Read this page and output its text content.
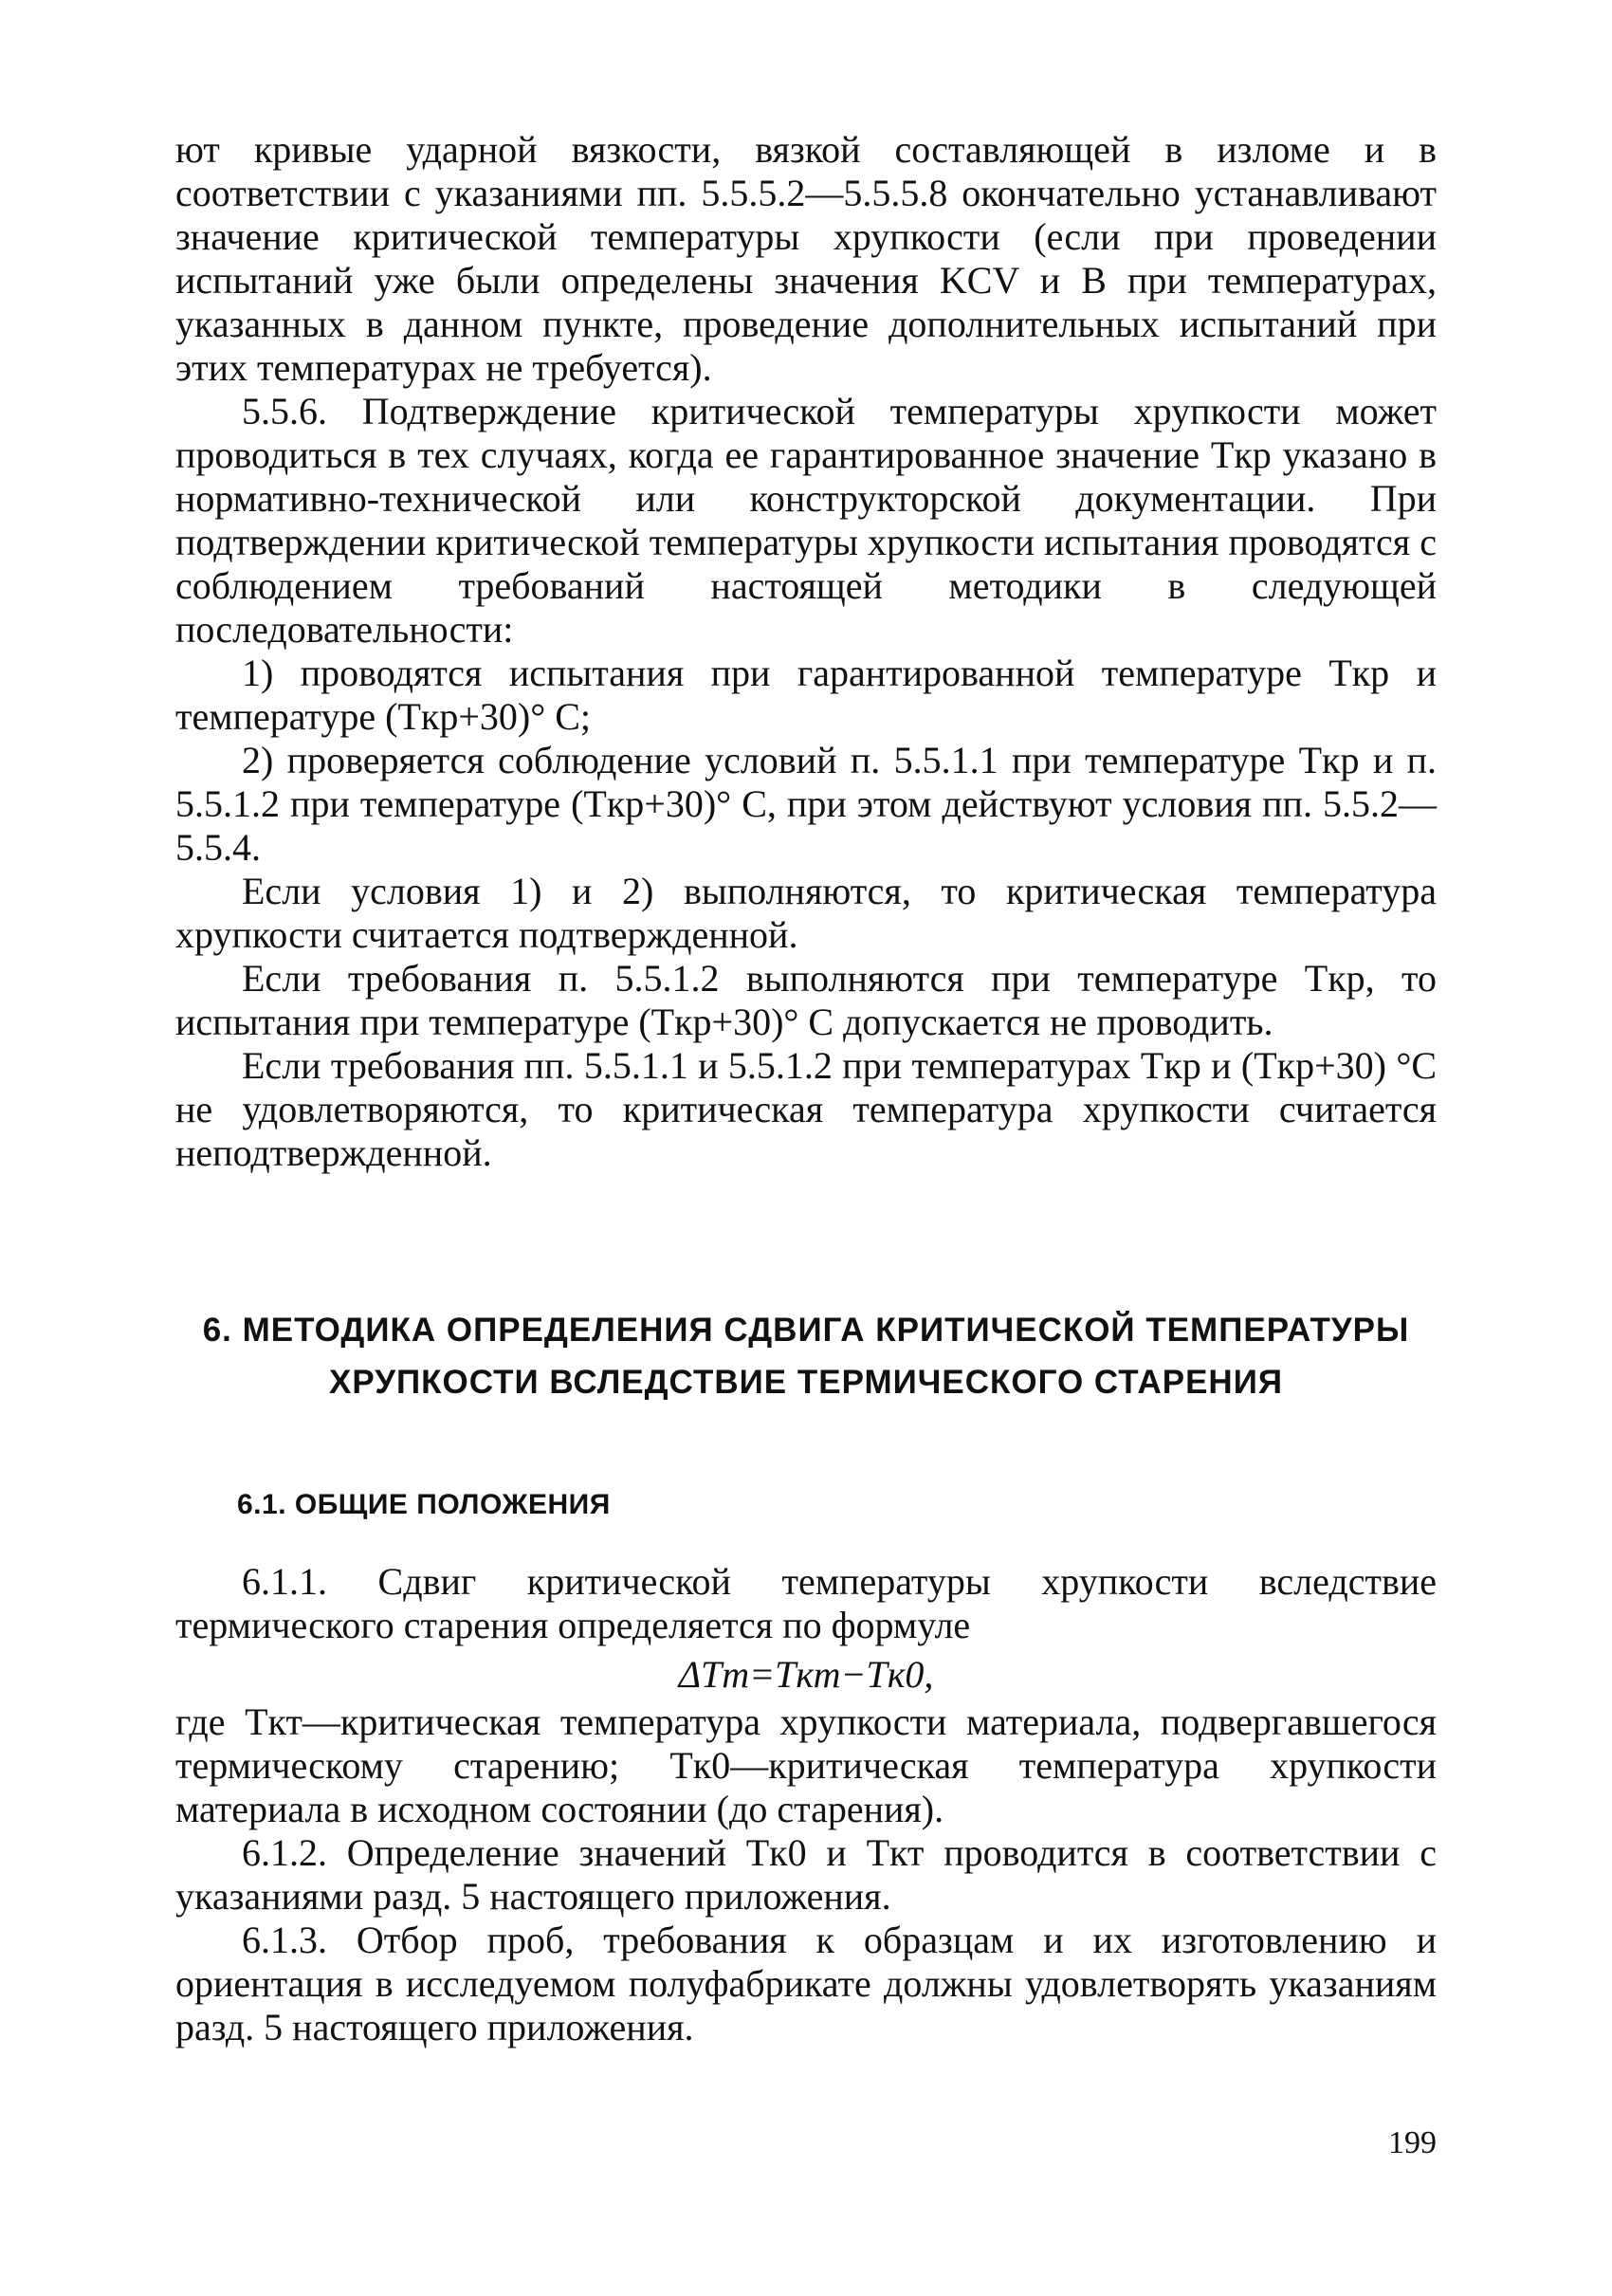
ют кривые ударной вязкости, вязкой составляющей в изломе и в соответствии с указаниями пп. 5.5.5.2—5.5.5.8 окончательно устанавливают значение критической температуры хрупкости (если при проведении испытаний уже были определены значения KCV и B при температурах, указанных в данном пункте, проведение дополнительных испытаний при этих температурах не требуется).

5.5.6. Подтверждение критической температуры хрупкости может проводиться в тех случаях, когда ее гарантированное значение Tкр указано в нормативно-технической или конструкторской документации. При подтверждении критической температуры хрупкости испытания проводятся с соблюдением требований настоящей методики в следующей последовательности:

1) проводятся испытания при гарантированной температуре Tкр и температуре (Tкр+30)° C;

2) проверяется соблюдение условий п. 5.5.1.1 при температуре Tкр и п. 5.5.1.2 при температуре (Tкр+30)° C, при этом действуют условия пп. 5.5.2—5.5.4.

Если условия 1) и 2) выполняются, то критическая температура хрупкости считается подтвержденной.

Если требования п. 5.5.1.2 выполняются при температуре Tкр, то испытания при температуре (Tкр+30)° C допускается не проводить.

Если требования пп. 5.5.1.1 и 5.5.1.2 при температурах Tкр и (Tкр+30) °C не удовлетворяются, то критическая температура хрупкости считается неподтвержденной.

6. МЕТОДИКА ОПРЕДЕЛЕНИЯ СДВИГА КРИТИЧЕСКОЙ ТЕМПЕРАТУРЫ ХРУПКОСТИ ВСЛЕДСТВИЕ ТЕРМИЧЕСКОГО СТАРЕНИЯ
6.1. ОБЩИЕ ПОЛОЖЕНИЯ

6.1.1. Сдвиг критической температуры хрупкости вследствие термического старения определяется по формуле

ΔTт=Tкт−Tк0,

где Tкт—критическая температура хрупкости материала, подвергавшегося термическому старению; Tк0—критическая температура хрупкости материала в исходном состоянии (до старения).

6.1.2. Определение значений Tк0 и Tкт проводится в соответствии с указаниями разд. 5 настоящего приложения.

6.1.3. Отбор проб, требования к образцам и их изготовлению и ориентация в исследуемом полуфабрикате должны удовлетворять указаниям разд. 5 настоящего приложения.

199
